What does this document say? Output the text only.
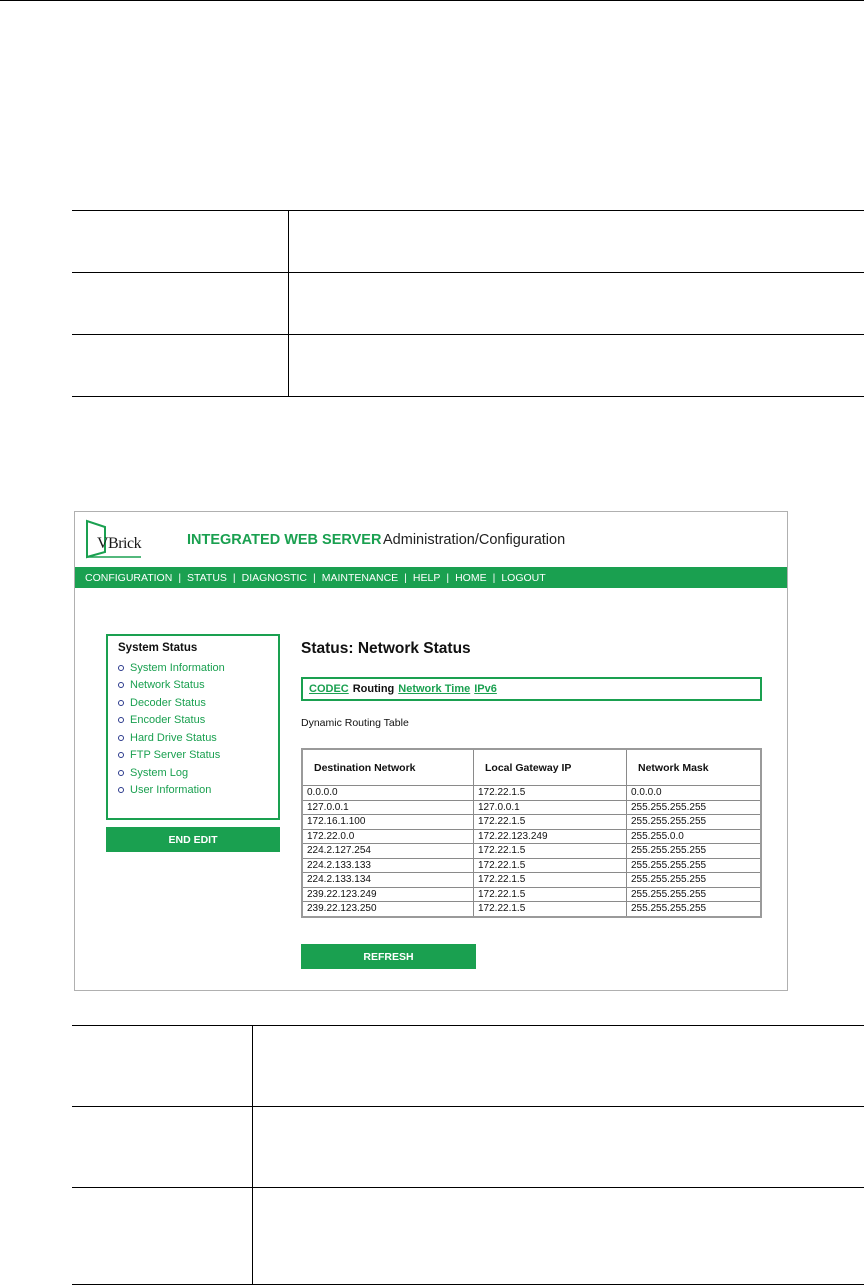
VBrick	INTEGRATED WEB SERVER Administration/Configuration
CONFIGURATION | STATUS | DIAGNOSTIC | MAINTENANCE | HELP | HOME | LOGOUT
System Status
System Information
Network Status
Decoder Status
Encoder Status
Hard Drive Status
FTP Server Status
System Log
User Information
END EDIT
Status: Network Status
CODEC Routing Network Time IPv6
Dynamic Routing Table
Destination Network	Local Gateway IP	Network Mask
0.0.0.0	172.22.1.5	0.0.0.0
127.0.0.1	127.0.0.1	255.255.255.255
172.16.1.100	172.22.1.5	255.255.255.255
172.22.0.0	172.22.123.249	255.255.0.0
224.2.127.254	172.22.1.5	255.255.255.255
224.2.133.133	172.22.1.5	255.255.255.255
224.2.133.134	172.22.1.5	255.255.255.255
239.22.123.249	172.22.1.5	255.255.255.255
239.22.123.250	172.22.1.5	255.255.255.255
REFRESH
